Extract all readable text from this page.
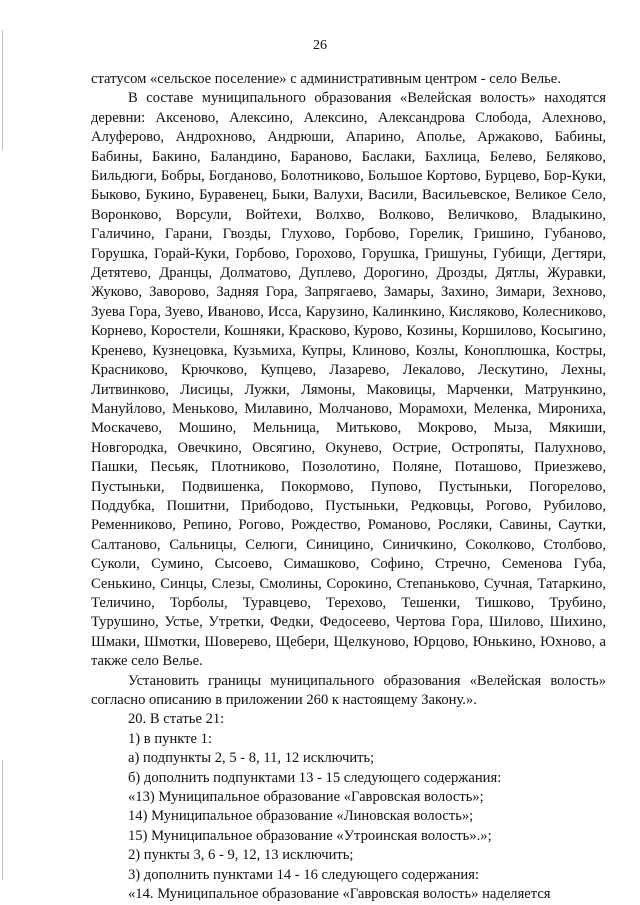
26

статусом «сельское поселение» с административным центром - село Велье.

В составе муниципального образования «Велейская волость» находятся деревни: Аксеново, Алексино, Алексино, Александрова Слобода, Алехново, Алуферово, Андрохново, Андрюши, Апарино, Аполье, Аржаково, Бабины, Бабины, Бакино, Баландино, Бараново, Баслаки, Бахлица, Белево, Беляково, Бильдюги, Бобры, Богданово, Болотниково, Большое Кортово, Бурцево, Бор-Куки, Быково, Букино, Буравенец, Быки, Валухи, Васили, Васильевское, Великое Село, Воронково, Ворсули, Войтехи, Волхво, Волково, Величково, Владыкино, Галичино, Гарани, Гвозды, Глухово, Горбово, Горелик, Гришино, Губаново, Горушка, Горай-Куки, Горбово, Горохово, Горушка, Гришуны, Губищи, Дегтяри, Детятево, Дранцы, Долматово, Дуплево, Дорогино, Дрозды, Дятлы, Журавки, Жуково, Заворово, Задняя Гора, Запрягаево, Замары, Захино, Зимари, Зехново, Зуева Гора, Зуево, Иваново, Исса, Карузино, Калинкино, Кисляково, Колесниково, Корнево, Коростели, Кошняки, Красково, Курово, Козины, Коршилово, Косыгино, Кренево, Кузнецовка, Кузьмиха, Купры, Клиново, Козлы, Коноплюшка, Костры, Красниково, Крючково, Купцево, Лазарево, Лекалово, Лескутино, Лехны, Литвинково, Лисицы, Лужки, Лямоны, Маковицы, Марченки, Матрункино, Мануйлово, Менькoво, Милавино, Молчаново, Морамохи, Меленка, Мирониха, Москачево, Мошино, Мельница, Митьково, Мокрово, Мыза, Мякиши, Новгородка, Овечкино, Овсягино, Окунево, Острие, Остропяты, Палухново, Пашки, Песьяк, Плотниково, Позолотино, Поляне, Поташово, Приезжево, Пустыньки, Подвишенка, Покормово, Пупово, Пустыньки, Погорелово, Поддубка, Пошитни, Прибодово, Пустыньки, Редковцы, Рогово, Рубилово, Ременниково, Репино, Рогово, Рождество, Романово, Росляки, Савины, Саутки, Салтаново, Сальницы, Селюги, Синицино, Синичкино, Соколково, Столбово, Суколи, Сумино, Сысоево, Симашково, Софино, Стречно, Семенова Губа, Сенькино, Синцы, Слезы, Смолины, Сорокино, Степаньково, Сучная, Татаркино, Теличино, Торболы, Туравцево, Терехово, Тешенки, Тишково, Трубино, Турушино, Устье, Утретки, Федки, Федосеево, Чертова Гора, Шилово, Шихино, Шмаки, Шмотки, Шоверево, Щебери, Щелкуново, Юрцово, Юнькино, Юхново, а также село Велье.

Установить границы муниципального образования «Велейская волость» согласно описанию в приложении 260 к настоящему Закону.».

20. В статье 21:

1) в пункте 1:

а) подпункты 2, 5 - 8, 11, 12 исключить;

б) дополнить подпунктами 13 - 15 следующего содержания:

«13) Муниципальное образование «Гавровская волость»;

14) Муниципальное образование «Линовская волость»;

15) Муниципальное образование «Утроинская волость».»;

2) пункты 3, 6 - 9, 12, 13 исключить;

3) дополнить пунктами 14 - 16 следующего содержания:

«14. Муниципальное образование «Гавровская волость» наделяется
